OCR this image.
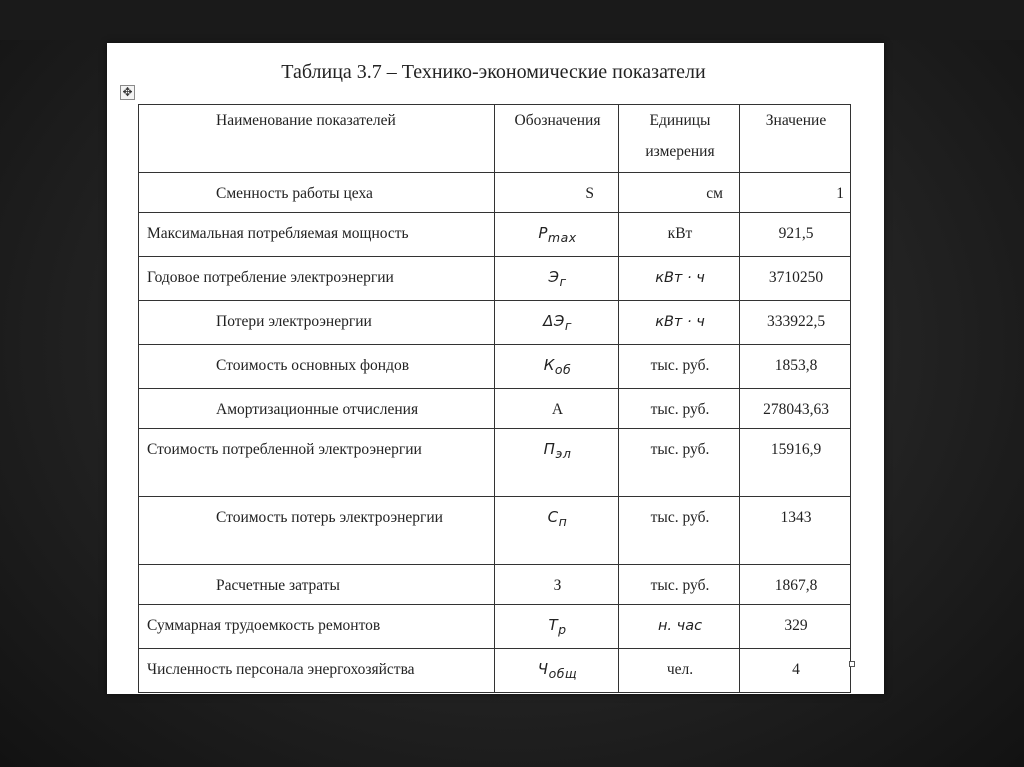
Таблица 3.7 – Технико-экономические показатели
✥
Наименование показателей	Обозначения	Единицы измерения	Значение
Сменность работы цеха	S	см	1
Максимальная потребляемая мощность	$P_{max}$	кВт	921,5
Годовое потребление электроэнергии	$Э_г$	кВт · ч	3710250
Потери электроэнергии	$\Delta Э_г$	кВт · ч	333922,5
Стоимость основных фондов	$К_{об}$	тыс. руб.	1853,8
Амортизационные отчисления	А	тыс. руб.	278043,63
Стоимость потребленной электроэнергии	$П_{эл}$	тыс. руб.	15916,9
Стоимость потерь электроэнергии	$С_п$	тыс. руб.	1343
Расчетные затраты	З	тыс. руб.	1867,8
Суммарная трудоемкость ремонтов	$Т_р$	н. час	329
Численность персонала энергохозяйства	$Ч_{общ}$	чел.	4
